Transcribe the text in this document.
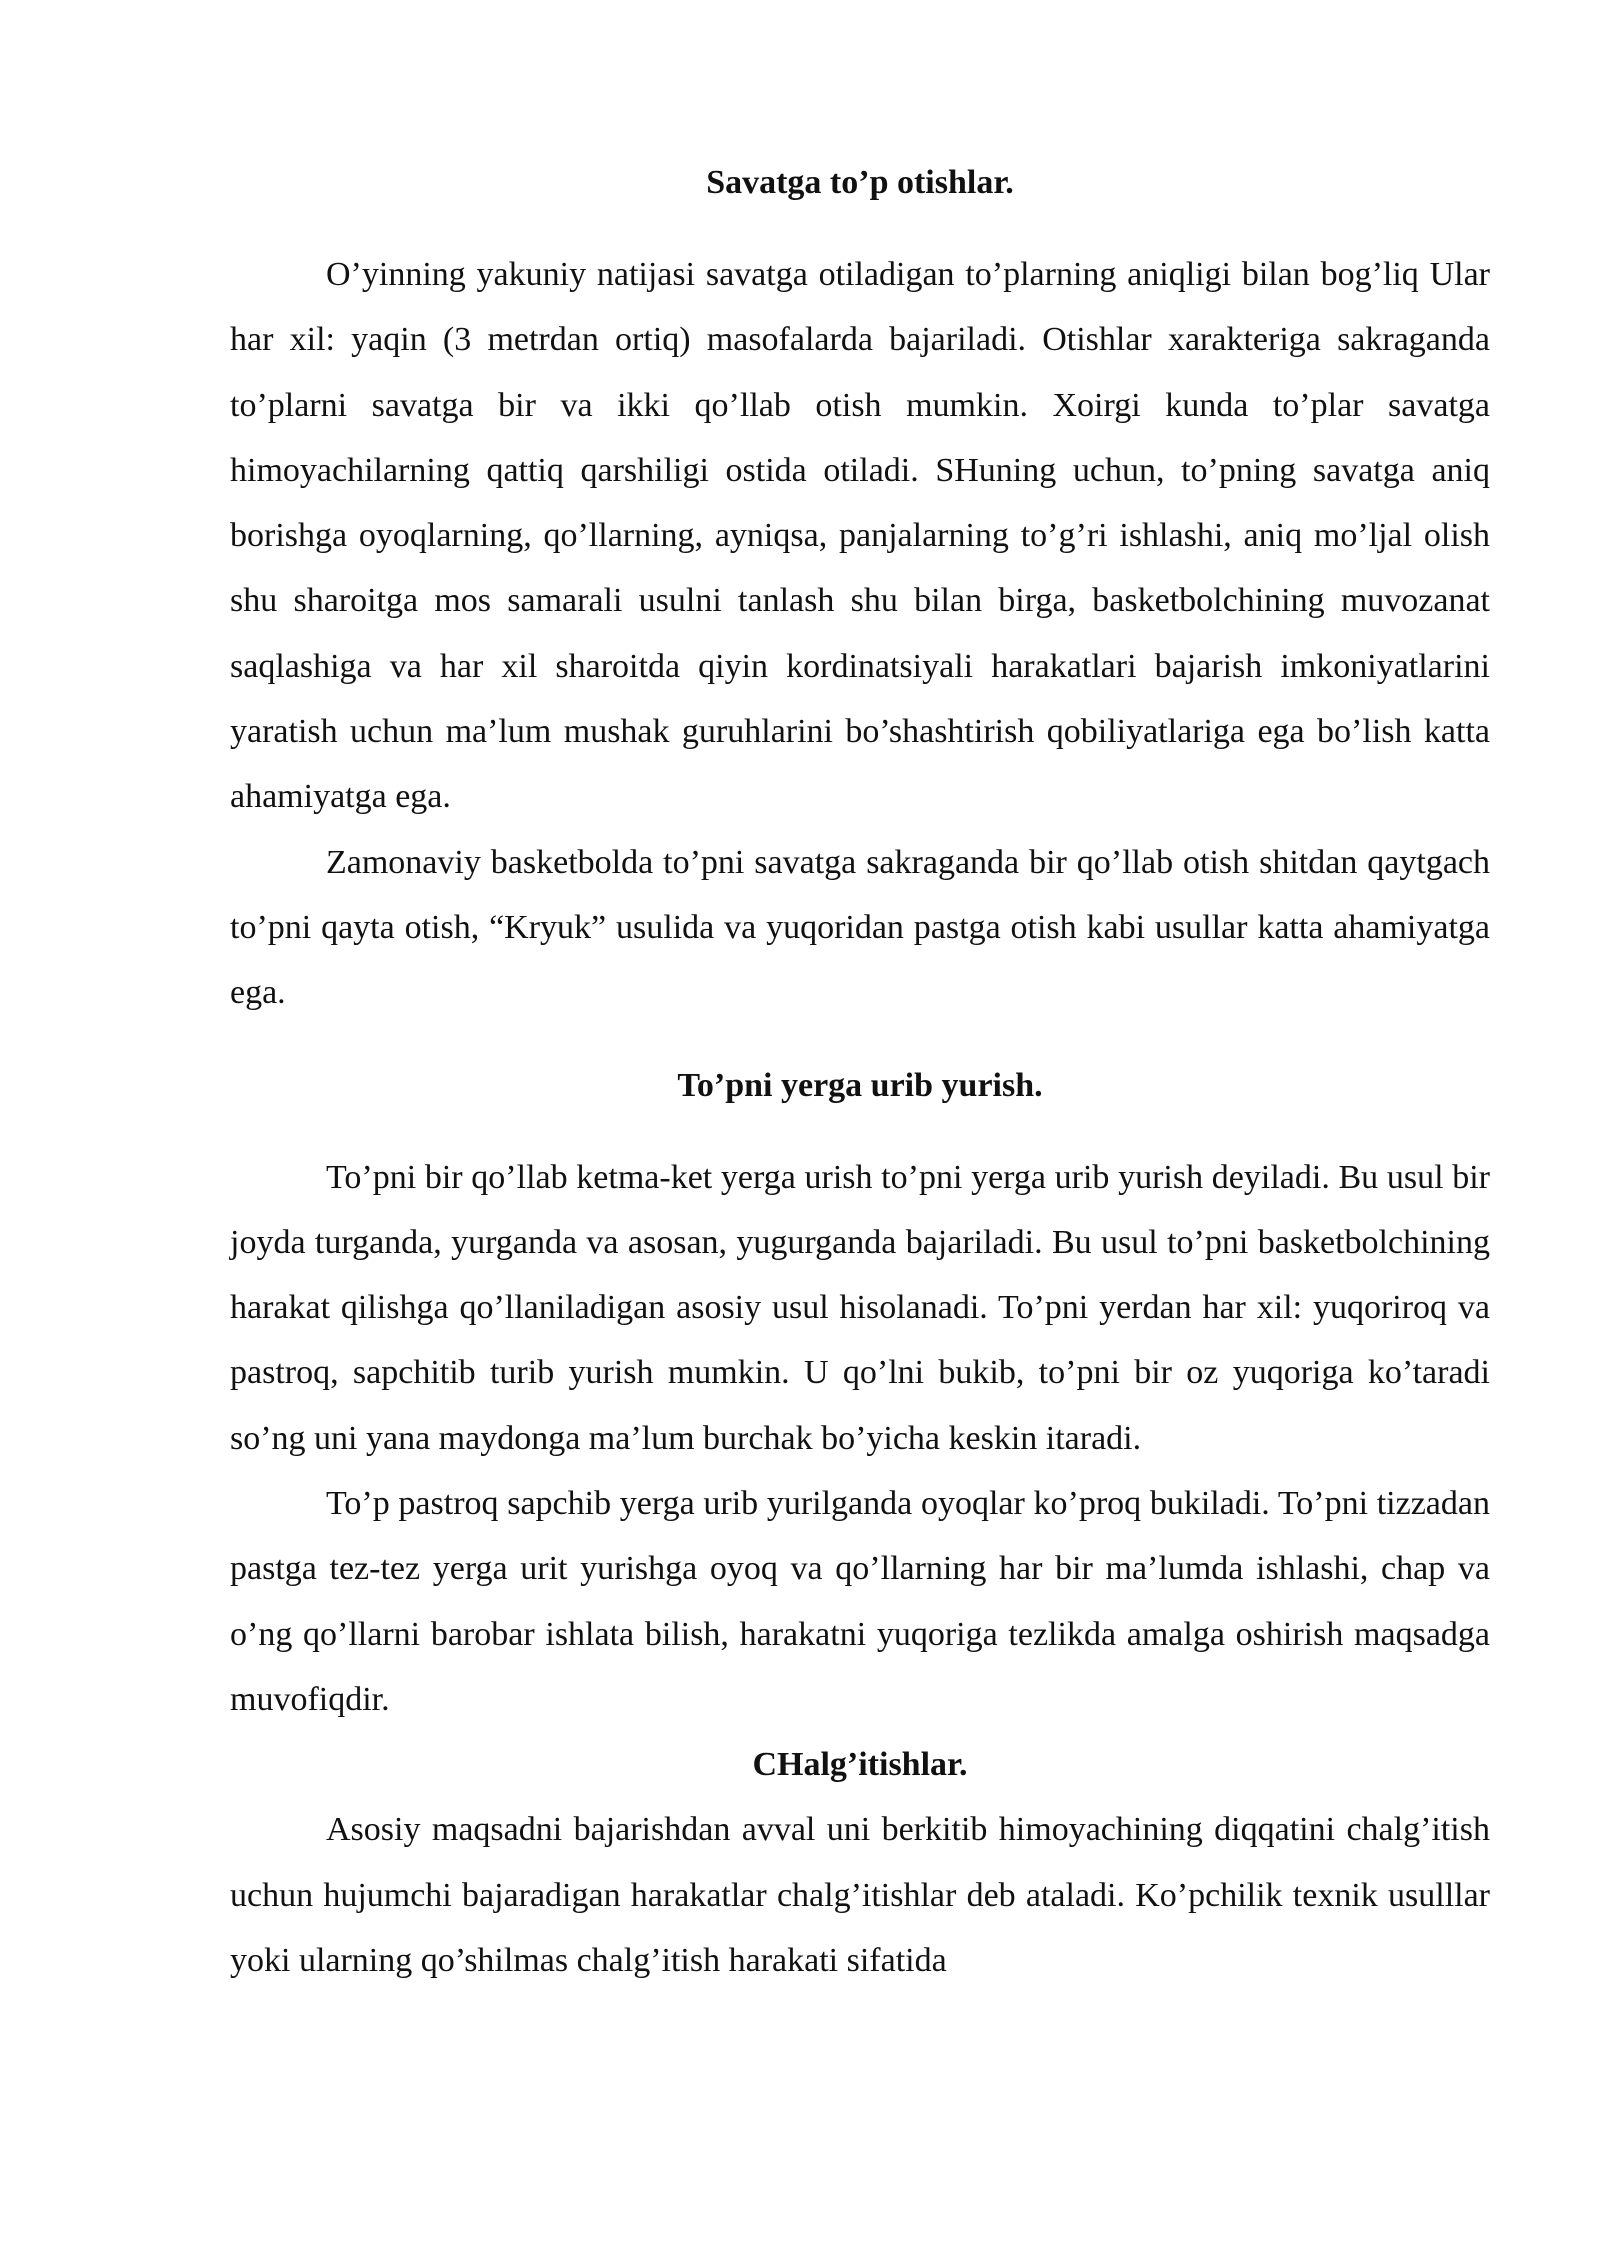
Savatga to’p otishlar.

O’yinning yakuniy natijasi savatga otiladigan to’plarning aniqligi bilan bog’liq Ular har xil: yaqin (3 metrdan ortiq) masofalarda bajariladi. Otishlar xarakteriga sakraganda to’plarni savatga bir va ikki qo’llab otish mumkin. Xoirgi kunda to’plar savatga himoyachilarning qattiq qarshiligi ostida otiladi. SHuning uchun, to’pning savatga aniq borishga oyoqlarning, qo’llarning, ayniqsa, panjalarning to’g’ri ishlashi, aniq mo’ljal olish shu sharoitga mos samarali usulni tanlash shu bilan birga, basketbolchining muvozanat saqlashiga va har xil sharoitda qiyin kordinatsiyali harakatlari bajarish imkoniyatlarini yaratish uchun ma’lum mushak guruhlarini bo’shashtirish qobiliyatlariga ega bo’lish katta ahamiyatga ega.

Zamonaviy basketbolda to’pni savatga sakraganda bir qo’llab otish shitdan qaytgach to’pni qayta otish, “Kryuk” usulida va yuqoridan pastga otish kabi usullar katta ahamiyatga ega.

To’pni yerga urib yurish.

To’pni bir qo’llab ketma-ket yerga urish to’pni yerga urib yurish deyiladi. Bu usul bir joyda turganda, yurganda va asosan, yugurganda bajariladi. Bu usul to’pni basketbolchining harakat qilishga qo’llaniladigan asosiy usul hisolanadi. To’pni yerdan har xil: yuqoriroq va pastroq, sapchitib turib yurish mumkin. U qo’lni bukib, to’pni bir oz yuqoriga ko’taradi so’ng uni yana maydonga ma’lum burchak bo’yicha keskin itaradi.

To’p pastroq sapchib yerga urib yurilganda oyoqlar ko’proq bukiladi. To’pni tizzadan pastga tez-tez yerga urit yurishga oyoq va qo’llarning har bir ma’lumda ishlashi, chap va o’ng qo’llarni barobar ishlata bilish, harakatni yuqoriga tezlikda amalga oshirish maqsadga muvofiqdir.

CHalg’itishlar.

Asosiy maqsadni bajarishdan avval uni berkitib himoyachining diqqatini chalg’itish uchun hujumchi bajaradigan harakatlar chalg’itishlar deb ataladi. Ko’pchilik texnik usulllar yoki ularning qo’shilmas chalg’itish harakati sifatida
